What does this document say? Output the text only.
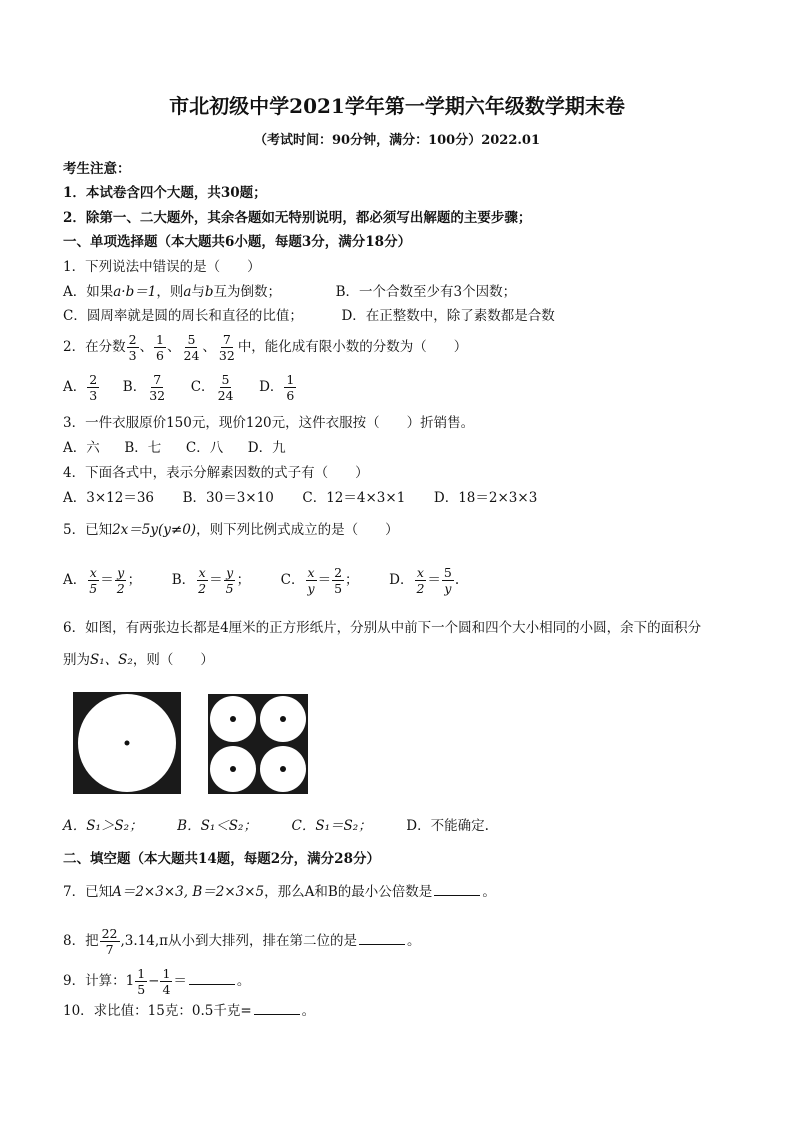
市北初级中学2021学年第一学期六年级数学期末卷
（考试时间：90分钟，满分：100分）2022.01
考生注意：
1．本试卷含四个大题，共30题；
2．除第一、二大题外，其余各题如无特别说明，都必须写出解题的主要步骤；
一、单项选择题（本大题共6小题，每题3分，满分18分）
1．下列说法中错误的是（　　）
A．如果a·b＝1，则a与b互为倒数；	B．一个合数至少有3个因数；
C．圆周率就是圆的周长和直径的比值；	D．在正整数中，除了素数都是合数
2．在分数 $\frac{2}{3}$ 、 $\frac{1}{6}$ 、 $\frac{5}{24}$ 、 $\frac{7}{32}$ 中，能化成有限小数的分数为（　　）
A． $\frac{2}{3}$ B． $\frac{7}{32}$ C． $\frac{5}{24}$ D． $\frac{1}{6}$
3．一件衣服原价150元，现价120元，这件衣服按（　　）折销售。
A．六 B．七 C．八 D．九
4．下面各式中，表示分解素因数的式子有（　　）
A．3×12＝36 B．30＝3×10 C．12＝4×3×1 D．18＝2×3×3
5．已知2x＝5y(y≠0)，则下列比例式成立的是（　　）
A． $\frac{x}{5} = \frac{y}{2}$ ； B． $\frac{x}{2} = \frac{y}{5}$ ； C． $\frac{x}{y} = \frac{2}{5}$ ； D． $\frac{x}{2} = \frac{5}{y}$ .
6．如图，有两张边长都是4厘米的正方形纸片，分别从中前下一个圆和四个大小相同的小圆，余下的面积分
别为S₁、S₂，则（　　）
A．S₁＞S₂；	B．S₁＜S₂；	C．S₁＝S₂；	D．不能确定.
二、填空题（本大题共14题，每题2分，满分28分）
7．已知A＝2×3×3, B＝2×3×5，那么A和B的最小公倍数是	。
8．把 $\frac{22}{7} ,3.14,\pi$从小到大排列，排在第二位的是	。
9．计算：$1 \frac{1}{5} - \frac{1}{4}$ ＝	。
10．求比值：15克：0.5千克=	。
